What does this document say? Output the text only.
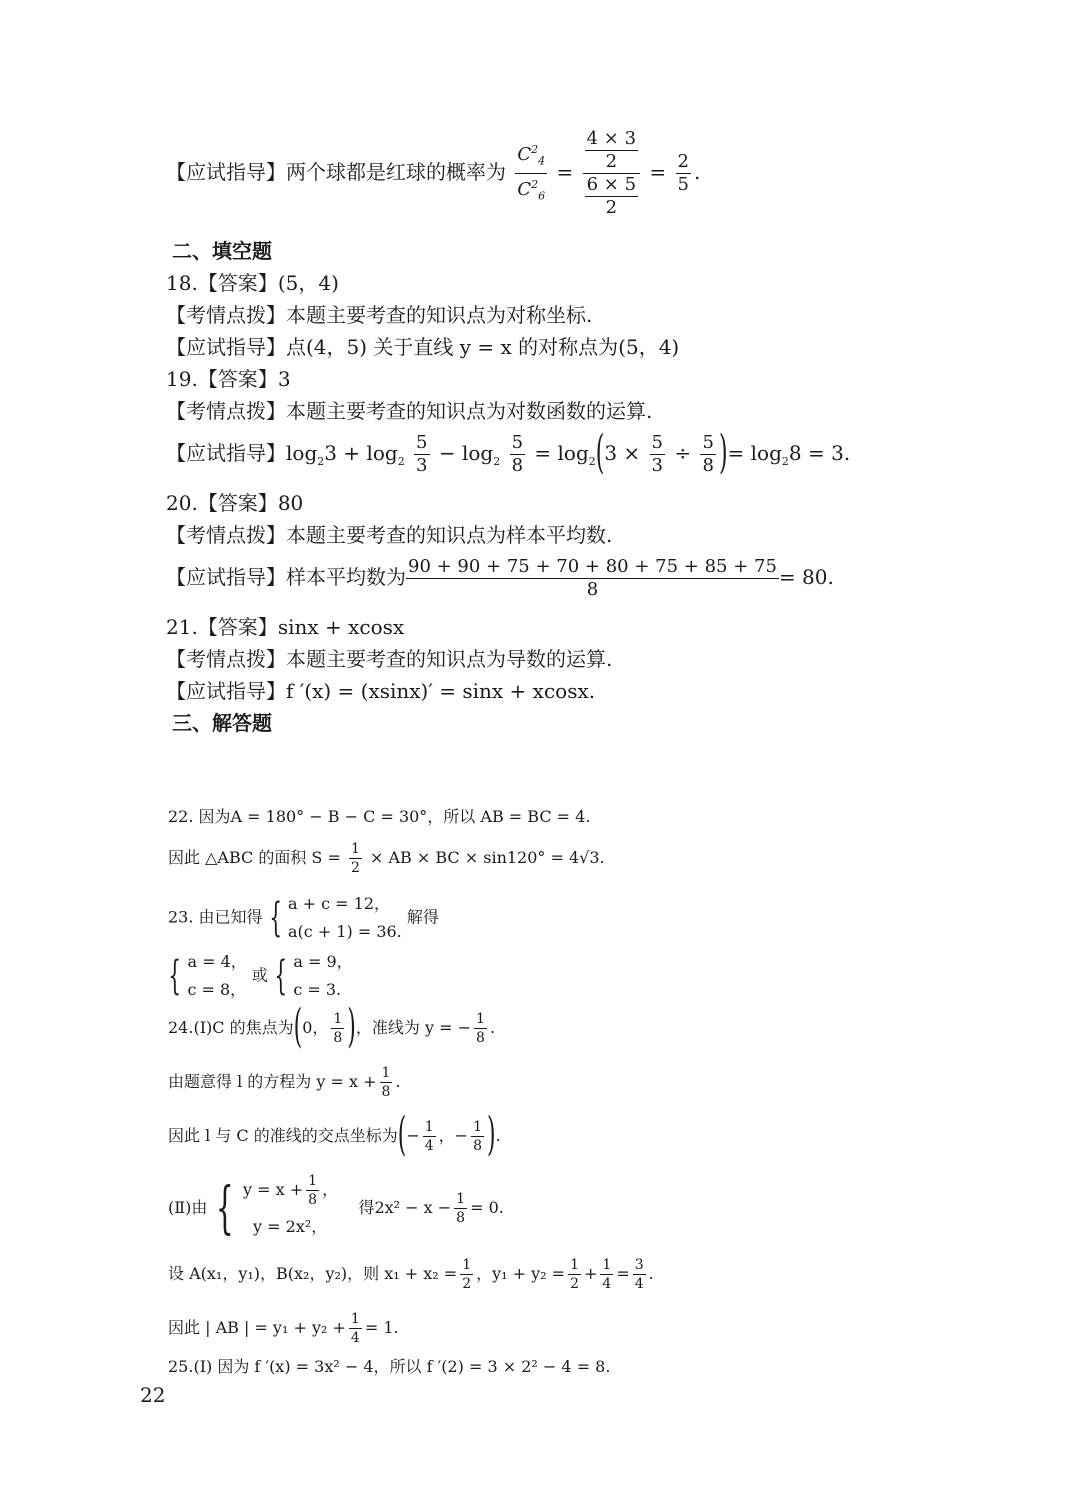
【应试指导】两个球都是红球的概率为 $\frac{C^2_4}{C^2_6} = \frac{\frac{4 \times 3}{2}}{\frac{6 \times 5}{2}} = \frac{2}{5}$ .
二、填空题
18.【答案】(5，4)
【考情点拨】本题主要考查的知识点为对称坐标.
【应试指导】点(4，5) 关于直线 y = x 的对称点为(5，4)
19.【答案】3
【考情点拨】本题主要考查的知识点为对数函数的运算.
【应试指导】$\log_23 + \log_2 \frac{5}{3} - \log_2 \frac{5}{8} = \log_2(3 \times \frac{5}{3} \div \frac{5}{8}$ )= $\log_28 = 3$.
20.【答案】80
【考情点拨】本题主要考查的知识点为样本平均数.
【应试指导】样本平均数为 $\frac{90 + 90 + 75 + 70 + 80 + 75 + 85 + 75}{8} = 80$.
21.【答案】sinx + xcosx
【考情点拨】本题主要考查的知识点为导数的运算.
【应试指导】f ′(x) = (xsinx)′ = sinx + xcosx.
三、解答题
22. 因为A = 180° − B − C = 30°，所以 AB = BC = 4.
因此 △ABC 的面积 $S = \frac{1}{2}$ × AB × BC × sin120° = 4√3.
23. 由已知得 { a + c = 12，
a(c + 1) = 36.
解得
{ a = 4，
c = 8，
或 { a = 9，
c = 3.
24.(Ⅰ)C 的焦点为(0， $\frac{1}{8}$ )，准线为 y = − $\frac{1}{8}$ .
由题意得 l 的方程为 $y = x + \frac{1}{8}$ .
因此 l 与 C 的准线的交点坐标为(− $\frac{1}{4}$ ，− $\frac{1}{8}$ ).
(Ⅱ)由 { $y = x + \frac{1}{8}$ ，
y = 2x²，
得$2x^2 - x - \frac{1}{8} = 0$.
设 A(x₁，y₁)，B(x₂，y₂)，则 $x_1 + x_2 = \frac{1}{2}$ ，$y_1 + y_2 = \frac{1}{2} + \frac{1}{4} = \frac{3}{4}$ .
因此 | AB | = $y_1 + y_2 + \frac{1}{4} = 1$.
25.(Ⅰ) 因为 f ′(x) = 3x² − 4，所以 f ′(2) = 3 × 2² − 4 = 8.
22
